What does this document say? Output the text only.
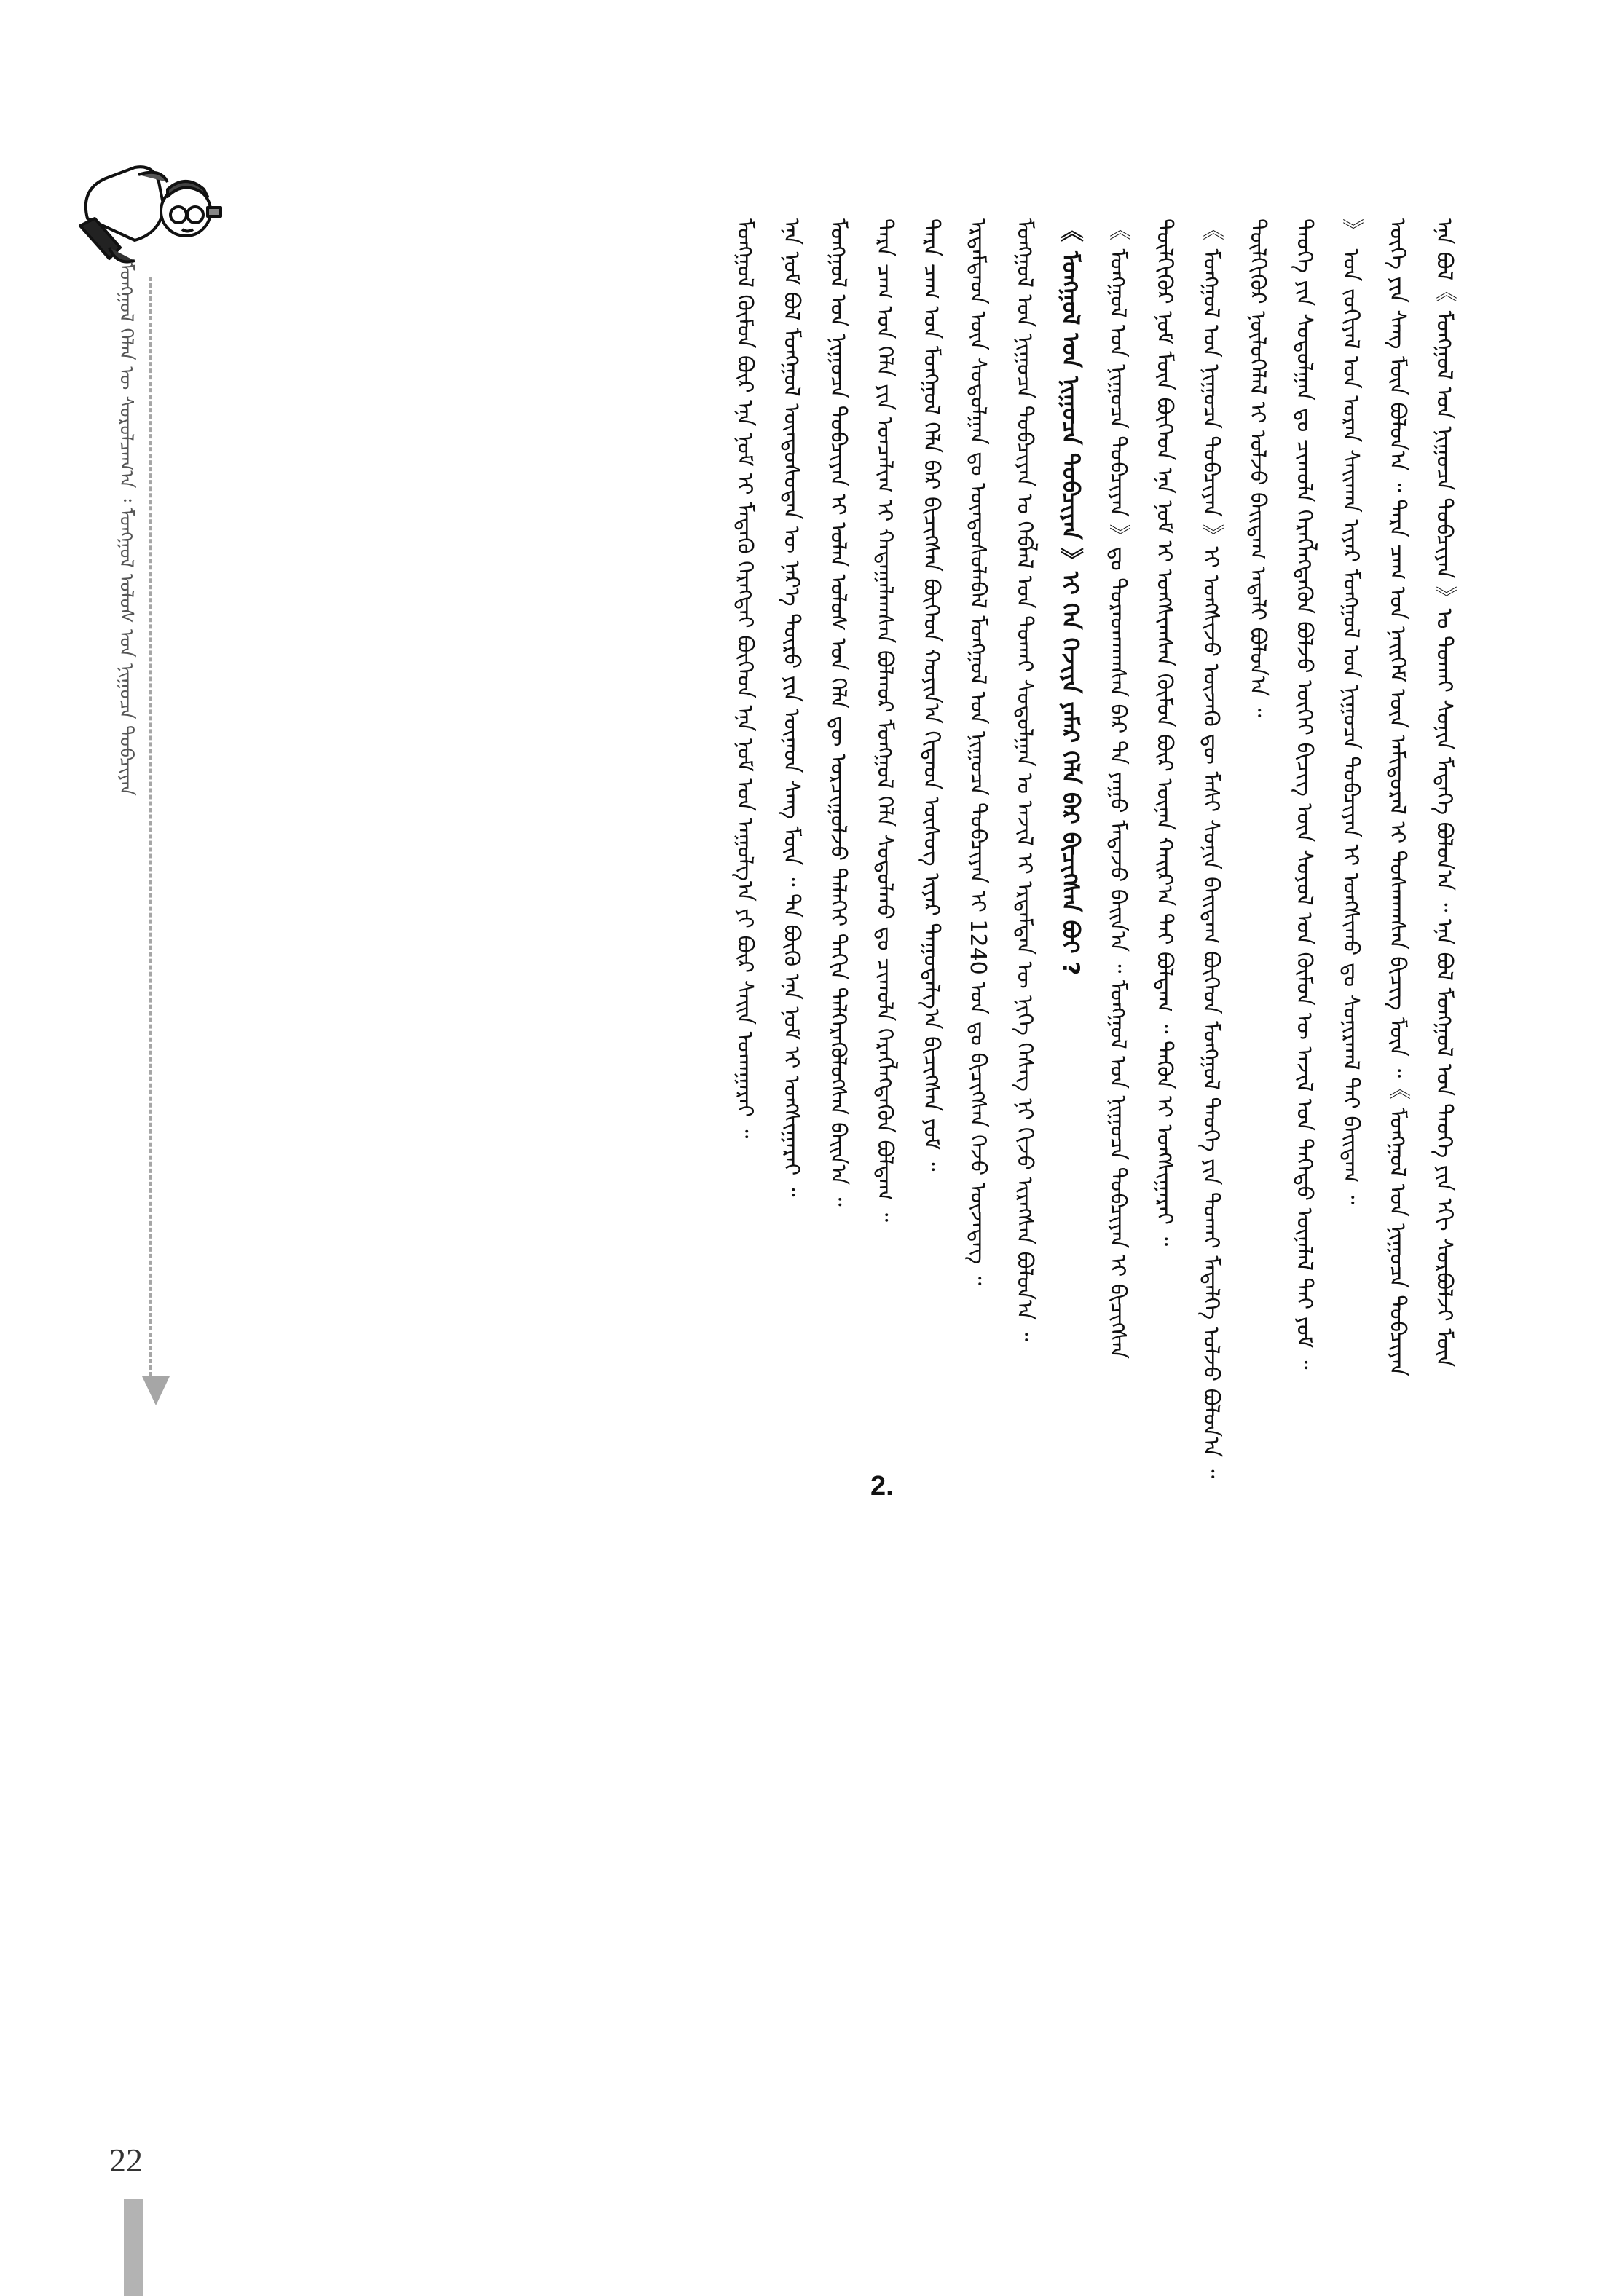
ᠮᠣᠩᠭᠣᠯ ᠬᠡᠯᠡᠨ ᠦ ᠰᠤᠷᠤᠯᠴᠠᠭ᠎ᠠ ᠄ ᠮᠣᠩᠭᠣᠯ ᠤᠯᠤᠰ ᠤᠨ ᠨᠢᠭᠤᠴᠠ ᠲᠣᠪᠴᠢᠶᠠᠨ
2.
ᠡᠨᠡ ᠪᠣᠯ《 ᠮᠣᠩᠭᠣᠯ ᠤᠨ ᠨᠢᠭᠤᠴᠠ ᠲᠣᠪᠴᠢᠶᠠᠨ 》ᠤ ᠲᠤᠬᠠᠢ ᠰᠣᠨᠢᠨ ᠮᠡᠳᠡᠭᠡ ᠪᠣᠯᠤᠨ᠎ᠠ ᠃ ᠡᠨᠡ ᠪᠣᠯ ᠮᠣᠩᠭᠣᠯ ᠤᠨ ᠲᠡᠦᠬᠡ ᠶᠢᠨ ᠡᠬᠢ ᠰᠤᠷᠪᠤᠯᠵᠢ ᠮᠥᠨ
ᠦᠭᠡ ᠶᠢᠨ ᠰᠠᠩ ᠮᠥᠨ ᠪᠣᠯᠤᠨ᠎ᠠ ᠃ ᠲᠡᠷᠡ ᠴᠠᠭ ᠤᠨ ᠨᠡᠢᠭᠡᠮ ᠦᠨ ᠠᠮᠢᠳᠤᠷᠠᠯ ᠢ ᠲᠤᠰᠬᠠᠭᠰᠠᠨ ᠪᠢᠴᠢᠭ ᠮᠥᠨ ᠃《 ᠮᠣᠩᠭᠣᠯ ᠤᠨ ᠨᠢᠭᠤᠴᠠ ᠲᠣᠪᠴᠢᠶᠠᠨ
》 ᠤᠨ ᠵᠣᠬᠢᠶᠠᠯ ᠤᠨ ᠤᠷᠠᠨ ᠰᠠᠢᠬᠠᠨ ᠢᠶᠠᠷ ᠮᠣᠩᠭᠣᠯ ᠤᠨ ᠨᠢᠭᠤᠴᠠ ᠲᠣᠪᠴᠢᠶᠠᠨ ᠢ ᠤᠩᠰᠢᠬᠤ ᠳᠤ ᠰᠣᠨᠢᠷᠬᠠᠯ ᠲᠠᠢ ᠪᠠᠢᠳᠠᠭ ᠃
ᠲᠡᠦᠬᠡ ᠶᠢᠨ ᠰᠤᠳᠤᠯᠭᠠᠨ ᠳᠤ ᠴᠢᠬᠤᠯᠠ ᠬᠡᠷᠡᠭᠯᠡᠭᠳᠡᠬᠦᠨ ᠪᠣᠯᠵᠤ ᠦᠭᠡᠢ ᠪᠢᠴᠢᠭ ᠦᠨ ᠰᠣᠶᠣᠯ ᠤᠨ ᠬᠦᠮᠦᠨ ᠦ ᠠᠵᠢᠯ ᠤᠨ ᠳᠡᠭᠡᠳᠦ ᠦᠨᠡᠯᠡᠯ ᠲᠠᠢ ᠶᠤᠮ ᠃
ᠲᠦᠯᠬᠢᠭᠦᠷ ᠨᠥᠯᠦᠭᠡᠯᠡᠯ ᠢ ᠣᠯᠵᠤ ᠪᠠᠢᠳᠠᠭ ᠠᠳᠠᠯᠢ ᠪᠣᠯᠤᠨ᠎ᠠ ᠃
《 ᠮᠣᠩᠭᠣᠯ ᠤᠨ ᠨᠢᠭᠤᠴᠠ ᠲᠣᠪᠴᠢᠶᠠᠨ 》ᠢ ᠤᠩᠰᠢᠵᠤ ᠦᠵᠡᠬᠦ ᠳᠦ ᠮᠠᠰᠢ ᠰᠣᠨᠢᠨ ᠪᠠᠢᠳᠠᠭ ᠪᠥᠭᠡᠳ ᠮᠣᠩᠭᠣᠯ ᠲᠡᠦᠬᠡ ᠶᠢᠨ ᠲᠤᠬᠠᠢ ᠮᠡᠳᠡᠯᠭᠡ ᠣᠯᠵᠤ ᠪᠣᠯᠤᠨ᠎ᠠ ᠃
ᠲᠦᠯᠬᠢᠭᠦᠷ ᠨᠣᠮ ᠮᠥᠨ ᠪᠥᠭᠡᠳ ᠡᠨᠡ ᠨᠣᠮ ᠢ ᠤᠩᠰᠢᠭᠰᠠᠨ ᠬᠦᠮᠦᠨ ᠪᠦᠷ ᠦᠨᠡᠨ ᠬᠠᠢᠷ᠎ᠠ ᠲᠠᠢ ᠪᠣᠯᠳᠠᠭ ᠃ ᠲᠡᠭᠦᠨ ᠢ ᠤᠩᠰᠢᠭᠠᠷᠠᠢ ᠃
《 ᠮᠣᠩᠭᠣᠯ ᠤᠨ ᠨᠢᠭᠤᠴᠠ ᠲᠣᠪᠴᠢᠶᠠᠨ 》ᠳᠤ ᠳᠤᠷᠠᠳᠬᠠᠭᠰᠠᠨ ᠪᠠᠷ ᠲᠠ ᠶᠠᠭᠤ ᠮᠡᠳᠡᠵᠦ ᠪᠠᠢᠨ᠎ᠠ ᠃ ᠮᠣᠩᠭᠣᠯ ᠤᠨ ᠨᠢᠭᠤᠴᠠ ᠲᠣᠪᠴᠢᠶᠠᠨ ᠢ ᠪᠢᠴᠢᠭᠰᠡᠨ
《 ᠮᠣᠩᠭᠣᠯ ᠤᠨ ᠨᠢᠭᠤᠴᠠ ᠲᠣᠪᠴᠢᠶᠠᠨ 》ᠢ ᠬᠡᠨ ᠬᠡᠵᠢᠶᠡ ᠶᠠᠮᠠᠷ ᠬᠡᠯᠡ ᠪᠡᠷ ᠪᠢᠴᠢᠭᠰᠡᠨ ᠪᠤᠢ ?
ᠮᠣᠩᠭᠣᠯ ᠤᠨ ᠨᠢᠭᠤᠴᠠ ᠲᠣᠪᠴᠢᠶᠠᠨ ᠤ ᠬᠡᠪᠯᠡᠯ ᠤᠨ ᠲᠤᠬᠠᠢ ᠰᠤᠳᠤᠯᠭᠠᠨ ᠤ ᠠᠵᠢᠯ ᠢ ᠡᠷᠳᠡᠮᠲᠡᠨ ᠦ ᠨᠢᠭᠡ ᠬᠡᠰᠡᠭ ᠨᠢ ᠬᠢᠵᠦ ᠢᠷᠡᠭᠰᠡᠨ ᠪᠣᠯᠤᠨ᠎ᠠ ᠃
ᠡᠷᠳᠡᠮᠲᠡᠳ ᠦᠨ ᠰᠤᠳᠤᠯᠭᠠᠨ ᠳᠤ ᠦᠨᠳᠦᠰᠦᠯᠡᠪᠡᠯ ᠮᠣᠩᠭᠣᠯ ᠤᠨ ᠨᠢᠭᠤᠴᠠ ᠲᠣᠪᠴᠢᠶᠠᠨ ᠢ 1240 ᠣᠨ ᠳᠤ ᠪᠢᠴᠢᠭᠰᠡᠨ ᠭᠡᠵᠦ ᠦᠵᠡᠳᠡᠭ ᠃
ᠲᠡᠷᠡ ᠴᠠᠭ ᠤᠨ ᠮᠣᠩᠭᠣᠯ ᠬᠡᠯᠡ ᠪᠡᠷ ᠪᠢᠴᠢᠭᠰᠡᠨ ᠪᠥᠭᠡᠳ ᠬᠣᠶᠢᠨ᠎ᠠ ᠬᠢᠲᠠᠳ ᠦᠰᠦᠭ ᠢᠶᠡᠷ ᠳᠠᠭᠤᠳᠠᠯᠭ᠎ᠠ ᠪᠢᠴᠢᠭᠰᠡᠨ ᠶᠤᠮ ᠃
ᠲᠡᠷᠡ ᠴᠠᠭ ᠤᠨ ᠬᠡᠯᠡ ᠶᠢᠨ ᠣᠨᠴᠠᠯᠢᠭ ᠢ ᠬᠠᠳᠠᠭᠠᠯᠠᠭᠰᠠᠨ ᠪᠣᠯᠬᠣᠷ ᠮᠣᠩᠭᠣᠯ ᠬᠡᠯᠡ ᠰᠤᠳᠤᠯᠬᠤ ᠳᠤ ᠴᠢᠬᠤᠯᠠ ᠬᠡᠷᠡᠭᠯᠡᠭᠳᠡᠬᠦᠨ ᠪᠣᠯᠳᠠᠭ ᠃
ᠮᠣᠩᠭᠣᠯ ᠤᠨ ᠨᠢᠭᠤᠴᠠ ᠲᠣᠪᠴᠢᠶᠠᠨ ᠢ ᠣᠯᠠᠨ ᠤᠯᠤᠰ ᠤᠨ ᠬᠡᠯᠡ ᠳᠦ ᠣᠷᠴᠢᠭᠤᠯᠵᠤ ᠳᠡᠯᠡᠬᠡᠢ ᠳᠠᠬᠢᠨ ᠳᠡᠯᠭᠡᠷᠡᠭᠦᠯᠦᠭᠰᠡᠨ ᠪᠠᠢᠨ᠎ᠠ ᠃
ᠡᠨᠡ ᠨᠣᠮ ᠪᠣᠯ ᠮᠣᠩᠭᠣᠯ ᠦᠨᠳᠦᠰᠦᠲᠡᠨ ᠦ ᠨᠡᠷ᠎ᠡ ᠲᠥᠷᠥ ᠶᠢᠨ ᠦᠨᠡᠳ ᠰᠠᠩ ᠮᠥᠨ ᠃ ᠲᠠ ᠪᠦᠬᠦ ᠡᠨᠡ ᠨᠣᠮ ᠢ ᠤᠩᠰᠢᠭᠠᠷᠠᠢ ᠃
ᠮᠣᠩᠭᠣᠯ ᠬᠦᠮᠦᠨ ᠪᠦᠷ ᠡᠨᠡ ᠨᠣᠮ ᠢ ᠮᠡᠳᠡᠬᠦ ᠬᠡᠷᠡᠭᠲᠡᠢ ᠪᠥᠭᠡᠳ ᠡᠨᠡ ᠨᠣᠮ ᠤᠨ ᠠᠭᠤᠯᠭ᠎ᠠ ᠶᠢ ᠪᠦᠷ ᠰᠠᠢᠨ ᠤᠬᠠᠭᠠᠷᠠᠢ ᠃
22
